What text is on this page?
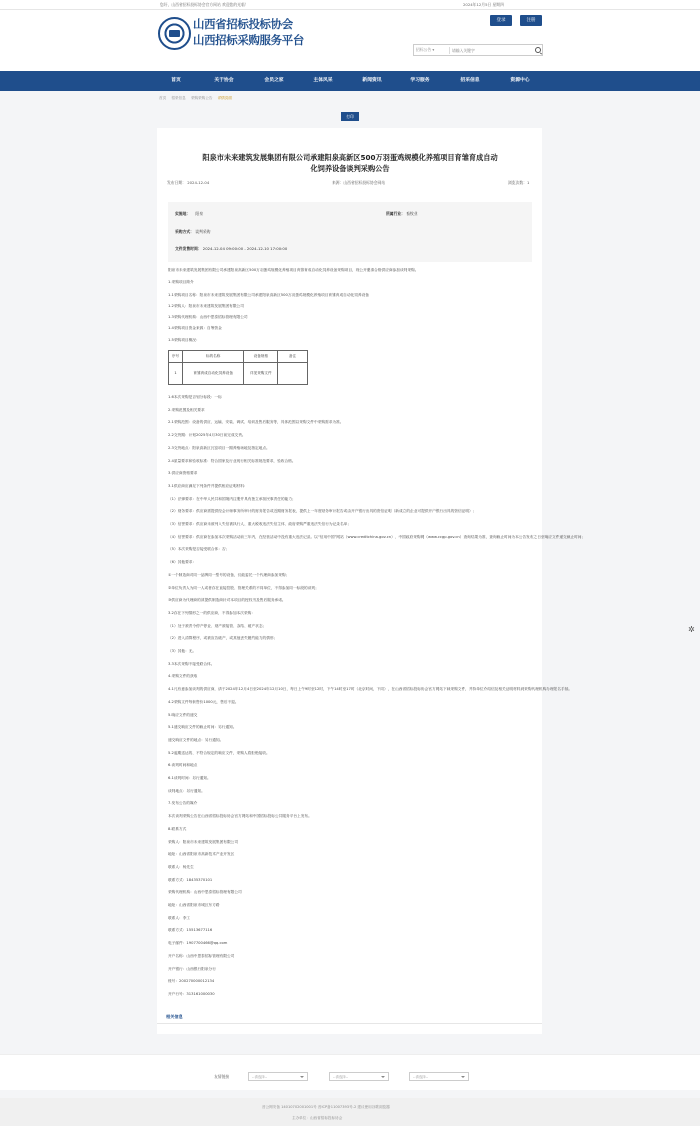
您好，山西省招标投标协会官方网站 欢迎您的光临！	2024年12月5日 星期四
山西省招标投标协会
山西招标采购服务平台
登录	注册
招标公告 ▾
请输入关键字
首页	关于协会	会员之家	主体风采	新闻资讯	学习服务	招采信息	资源中心
首页 招采信息 采购采购公告 详情页面
打印
阳泉市未来建筑发展集团有限公司承建阳泉高新区500万羽蛋鸡规模化养殖项目育雏育成自动
化饲养设备谈判采购公告
发布日期： 2024-12-04	来源：山西省招标投标协会网站	浏览次数：1
实施地： 阳泉	所属行业： 畜牧业
采购方式： 谈判采购
文件发售时间： 2024-12-04 09:00:00 - 2024-12-10 17:00:00
阳泉市未来建筑发展集团有限公司承建阳泉高新区500万羽蛋鸡规模化养殖项目育雏育成自动化饲养设备采购项目，现公开邀请合格供应商参加谈判采购。
1.采购项目简介
1.1采购项目名称：阳泉市未来建筑发展集团有限公司承建阳泉高新区500万羽蛋鸡规模化养殖项目育雏育成自动化饲养设备
1.2采购人：阳泉市未来建筑发展集团有限公司
1.3采购代理机构：山西中思泰招标管理有限公司
1.4采购项目资金来源：自筹资金
1.5采购项目概况：
1.6本次采购是否划分标段：一标
2.采购范围及相关要求
2.1采购范围：设备的供应、运输、安装、调试、培训及售后服务等，具体范围以采购文件中采购需求为准。
2.2交货期：计划2025年4月30日前完成交货。
2.3交货地点：阳泉高新区瓦窑项目一期养殖场地及指定地点。
2.4质量要求和验收标准：符合国家及行业现行相关标准规范要求，验收合格。
3.供应商资格要求
3.1供应商应满足下列条件并提供相应证明材料：
（1）法律要求：在中华人民共和国境内注册并具有独立承担民事责任的能力；
（2）财务要求：供应商需提供经会计师事务所审计的财务报告或近期财务报表，提供上一年度财务审计报告或由开户银行出具的资信证明（新成立的企业可提供开户银行出具的资信证明）；
（3）信誉要求：供应商未被列入失信被执行人、重大税收违法失信主体、政府采购严重违法失信行为记录名单；
（4）信誉要求：供应商在参加本次采购活动前三年内，在经营活动中没有重大违法记录。以“信用中国”网站（www.creditchina.gov.cn）、中国政府采购网（www.ccgp.gov.cn）查询结果为准，查询截止时间为本公告发布之日至响应文件递交截止时间；
（5）本次采购是否接受联合体：否；
（6）其他要求：
①一个制造商对同一品牌同一型号的设备，仅能委托一个代理商参加采购；
②单位负责人为同一人或者存在直接控股、管理关系的不同单位，不得参加同一标段的谈判；
③供应商为代理商的须提供制造商针对本项目的授权书及售后服务承诺。
3.2存在下列情形之一的供应商，不得参加本次采购：
（1）处于被责令停产停业、财产被接管、冻结、破产状态；
（2）进入清算程序，或被宣告破产，或其他丧失履约能力的情形；
（3）其他：无。
3.3本次采购不接受联合体。
4.采购文件的获取
4.1凡有意参加谈判的供应商，请于2024年12月4日至2024年12月10日，每日上午9时至12时，下午14时至17时（北京时间，下同），在山西省招标投标协会官方网站下载采购文件，并持单位介绍信及相关证明材料到采购代理机构办理报名手续。
4.2采购文件每套售价1000元，售后不退。
5.响应文件的递交
5.1递交响应文件的截止时间：另行通知。
递交响应文件的地点：另行通知。
5.2逾期送达的、不符合规定的响应文件，采购人将拒绝接收。
6.谈判时间和地点
6.1谈判时间：另行通知。
谈判地点：另行通知。
7.发布公告的媒介
本次谈判采购公告在山西省招标投标协会官方网站和中国招标投标公共服务平台上发布。
8.联系方式
采购人：阳泉市未来建筑发展集团有限公司
地址：山西省阳泉市高新技术产业开发区
联系人：杨先生
联系方式：18435370101
采购代理机构：山西中思泰招标管理有限公司
地址：山西省阳泉市城区东方路
联系人：李工
联系方式：15513677116
电子邮件：1907700466@qq.com
开户名称：山西中思泰招标管理有限公司
开户银行：山西银行阳泉分行
账号：200270000012134
开户行号：313161000030
序号	标的名称	设备规格	备注
1	育雏育成自动化饲养设备	详见采购文件	
相关信息
友情链接	--请选择--	--请选择--	--请选择--
晋公网安备 14010702001001号 晋ICP备11007393号-2 建议使用谷歌浏览器
主办单位：山西省招标投标协会
✲
